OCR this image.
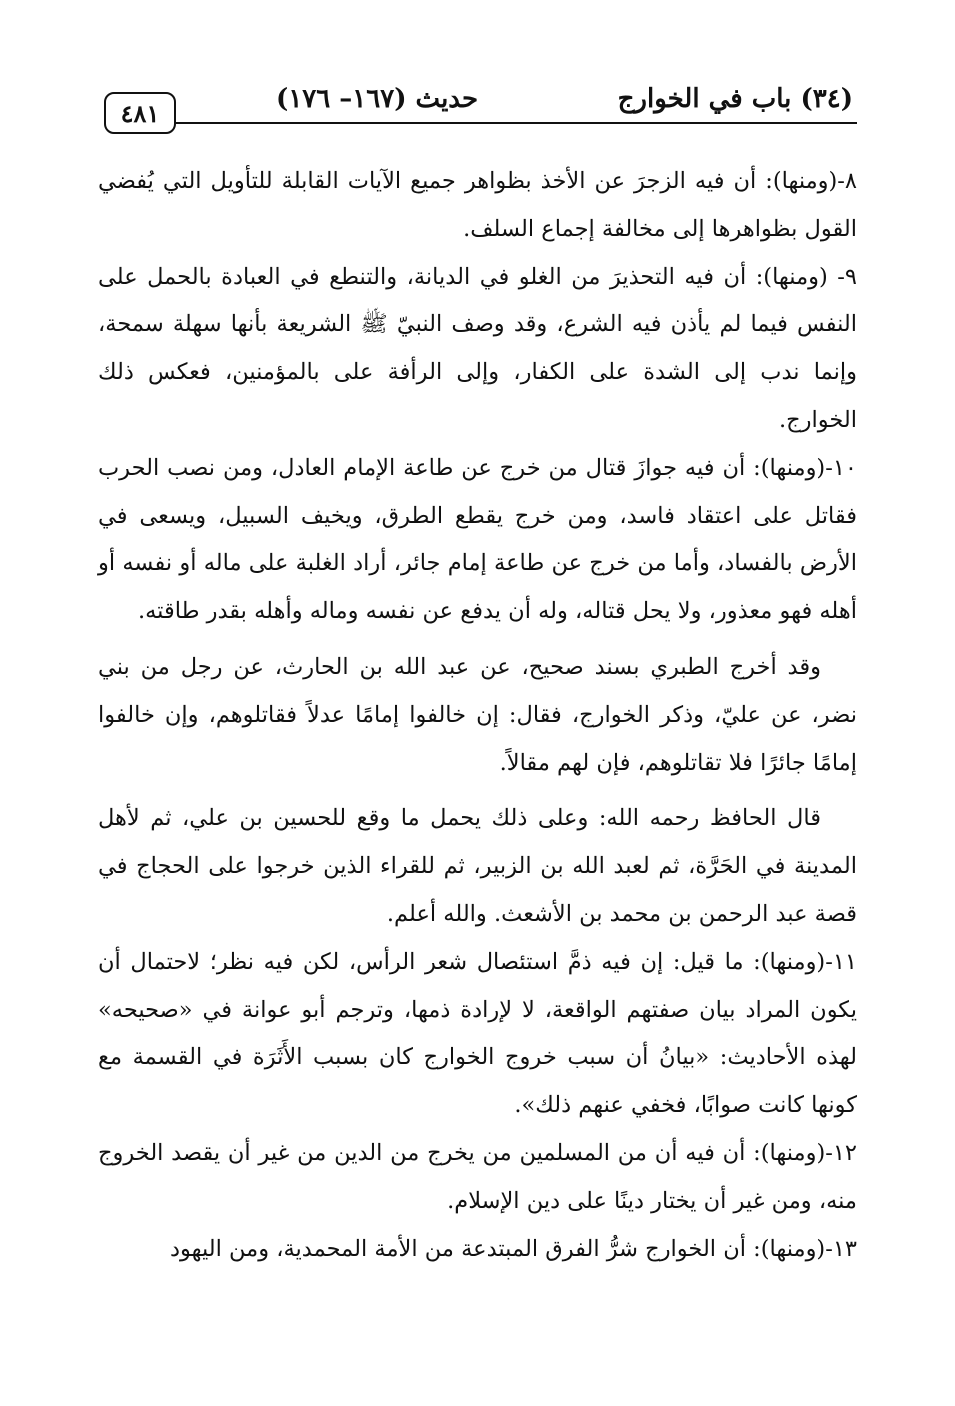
(٣٤) باب في الخوارج
حديث (١٦٧– ١٧٦)
٤٨١

٨-(ومنها): أن فيه الزجرَ عن الأخذ بظواهر جميع الآيات القابلة للتأويل التي يُفضي القول بظواهرها إلى مخالفة إجماع السلف.

٩- (ومنها): أن فيه التحذيرَ من الغلو في الديانة، والتنطع في العبادة بالحمل على النفس فيما لم يأذن فيه الشرع، وقد وصف النبيّ ﷺ الشريعة بأنها سهلة سمحة، وإنما ندب إلى الشدة على الكفار، وإلى الرأفة على بالمؤمنين، فعكس ذلك الخوارج.

١٠-(ومنها): أن فيه جوازَ قتال من خرج عن طاعة الإمام العادل، ومن نصب الحرب فقاتل على اعتقاد فاسد، ومن خرج يقطع الطرق، ويخيف السبيل، ويسعى في الأرض بالفساد، وأما من خرج عن طاعة إمام جائر، أراد الغلبة على ماله أو نفسه أو أهله فهو معذور، ولا يحل قتاله، وله أن يدفع عن نفسه وماله وأهله بقدر طاقته.

وقد أخرج الطبري بسند صحيح، عن عبد الله بن الحارث، عن رجل من بني نضر، عن عليّ، وذكر الخوارج، فقال: إن خالفوا إمامًا عدلاً فقاتلوهم، وإن خالفوا إمامًا جائرًا فلا تقاتلوهم، فإن لهم مقالاً.

قال الحافظ رحمه الله: وعلى ذلك يحمل ما وقع للحسين بن علي، ثم لأهل المدينة في الحَرَّة، ثم لعبد الله بن الزبير، ثم للقراء الذين خرجوا على الحجاج في قصة عبد الرحمن بن محمد بن الأشعث. والله أعلم.

١١-(ومنها): ما قيل: إن فيه ذمَّ استئصال شعر الرأس، لكن فيه نظر؛ لاحتمال أن يكون المراد بيان صفتهم الواقعة، لا لإرادة ذمها، وترجم أبو عوانة في «صحيحه» لهذه الأحاديث: «بيانُ أن سبب خروج الخوارج كان بسبب الأَثَرَة في القسمة مع كونها كانت صوابًا، فخفي عنهم ذلك».

١٢-(ومنها): أن فيه أن من المسلمين من يخرج من الدين من غير أن يقصد الخروج منه، ومن غير أن يختار دينًا على دين الإسلام.

١٣-(ومنها): أن الخوارج شرُّ الفرق المبتدعة من الأمة المحمدية، ومن اليهود
